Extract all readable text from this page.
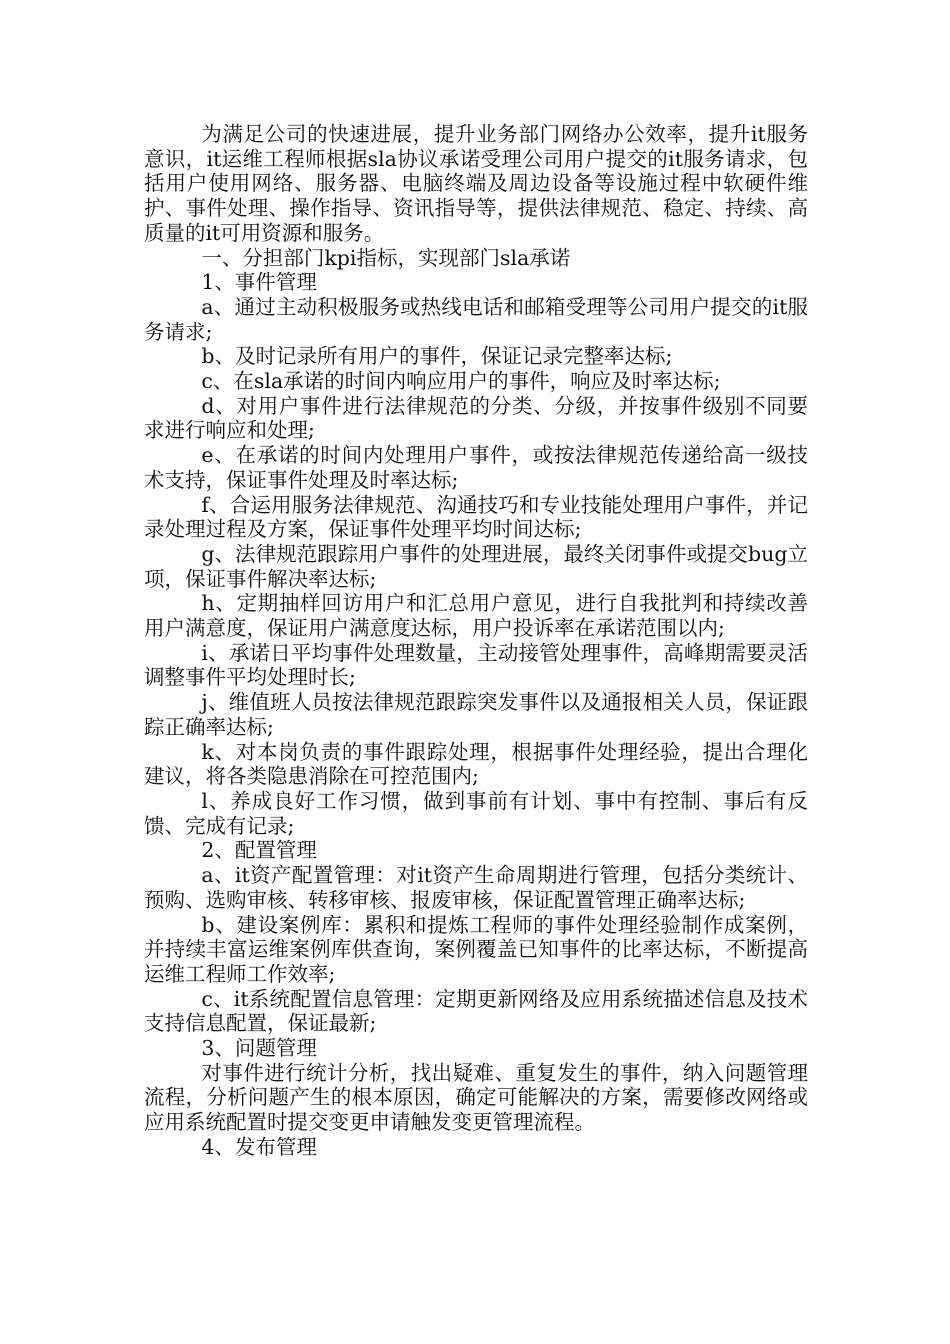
为满足公司的快速进展，提升业务部门网络办公效率，提升it服务意识，it运维工程师根据sla协议承诺受理公司用户提交的it服务请求，包括用户使用网络、服务器、电脑终端及周边设备等设施过程中软硬件维护、事件处理、操作指导、资讯指导等，提供法律规范、稳定、持续、高质量的it可用资源和服务。

一、分担部门kpi指标，实现部门sla承诺

1、事件管理

a、通过主动积极服务或热线电话和邮箱受理等公司用户提交的it服务请求;

b、及时记录所有用户的事件，保证记录完整率达标;

c、在sla承诺的时间内响应用户的事件，响应及时率达标;

d、对用户事件进行法律规范的分类、分级，并按事件级别不同要求进行响应和处理;

e、在承诺的时间内处理用户事件，或按法律规范传递给高一级技术支持，保证事件处理及时率达标;

f、合运用服务法律规范、沟通技巧和专业技能处理用户事件，并记录处理过程及方案，保证事件处理平均时间达标;

g、法律规范跟踪用户事件的处理进展，最终关闭事件或提交bug立项，保证事件解决率达标;

h、定期抽样回访用户和汇总用户意见，进行自我批判和持续改善用户满意度，保证用户满意度达标，用户投诉率在承诺范围以内;

i、承诺日平均事件处理数量，主动接管处理事件，高峰期需要灵活调整事件平均处理时长;

j、维值班人员按法律规范跟踪突发事件以及通报相关人员，保证跟踪正确率达标;

k、对本岗负责的事件跟踪处理，根据事件处理经验，提出合理化建议，将各类隐患消除在可控范围内;

l、养成良好工作习惯，做到事前有计划、事中有控制、事后有反馈、完成有记录;

2、配置管理

a、it资产配置管理：对it资产生命周期进行管理，包括分类统计、预购、选购审核、转移审核、报废审核，保证配置管理正确率达标;

b、建设案例库：累积和提炼工程师的事件处理经验制作成案例，并持续丰富运维案例库供查询，案例覆盖已知事件的比率达标，不断提高运维工程师工作效率;

c、it系统配置信息管理：定期更新网络及应用系统描述信息及技术支持信息配置，保证最新;

3、问题管理

对事件进行统计分析，找出疑难、重复发生的事件，纳入问题管理流程，分析问题产生的根本原因，确定可能解决的方案，需要修改网络或应用系统配置时提交变更申请触发变更管理流程。

4、发布管理
